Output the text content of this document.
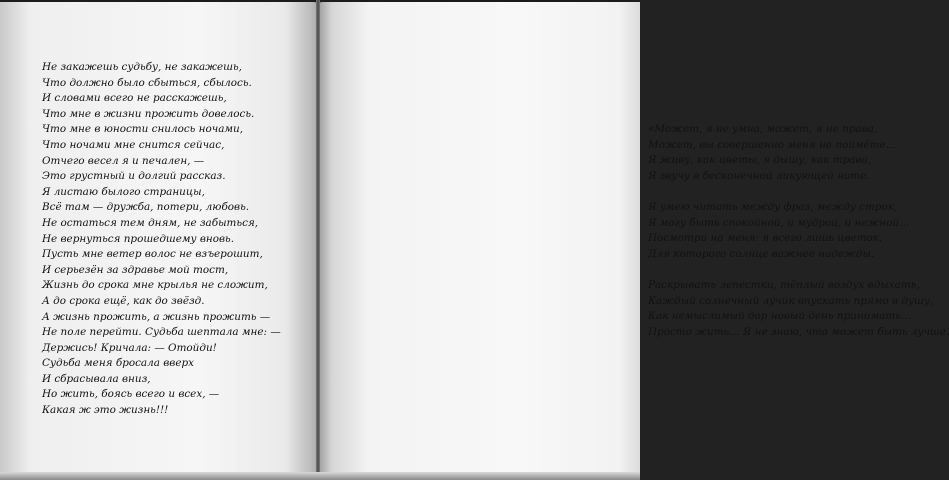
Не закажешь судьбу, не закажешь,
Что должно было сбыться, сбылось.
И словами всего не расскажешь,
Что мне в жизни прожить довелось.
Что мне в юности снилось ночами,
Что ночами мне снится сейчас,
Отчего весел я и печален, —
Это грустный и долгий рассказ.
Я листаю былого страницы,
Всё там — дружба, потери, любовь.
Не остаться тем дням, не забыться,
Не вернуться прошедшему вновь.
Пусть мне ветер волос не взъерошит,
И серьезён за здравье мой тост,
Жизнь до срока мне крылья не сложит,
А до срока ещё, как до звёзд.
А жизнь прожить, а жизнь прожить —
Не поле перейти. Судьба шептала мне: —
Держись! Кричала: — Отойди!
Судьба меня бросала вверх
И сбрасывала вниз,
Но жить, боясь всего и всех, —
Какая ж это жизнь!!!
«Может, я не умна, может, я не права,
Может, вы совершенно меня не поймёте…
Я живу, как цветы, я дышу, как трава,
Я звучу в бесконечной ликующей ноте.
Я умею читать между фраз, между строк,
Я могу быть спокойной, и мудрой, и нежной…
Посмотри на меня: я всего лишь цветок,
Для которого солнце важнее надежды.
Раскрывать лепестки, тёплый воздух вдыхать,
Каждый солнечный лучик впускать прямо в душу,
Как немыслимый дар новый день принимать…
Просто жить… Я не знаю, что может быть лучше.
